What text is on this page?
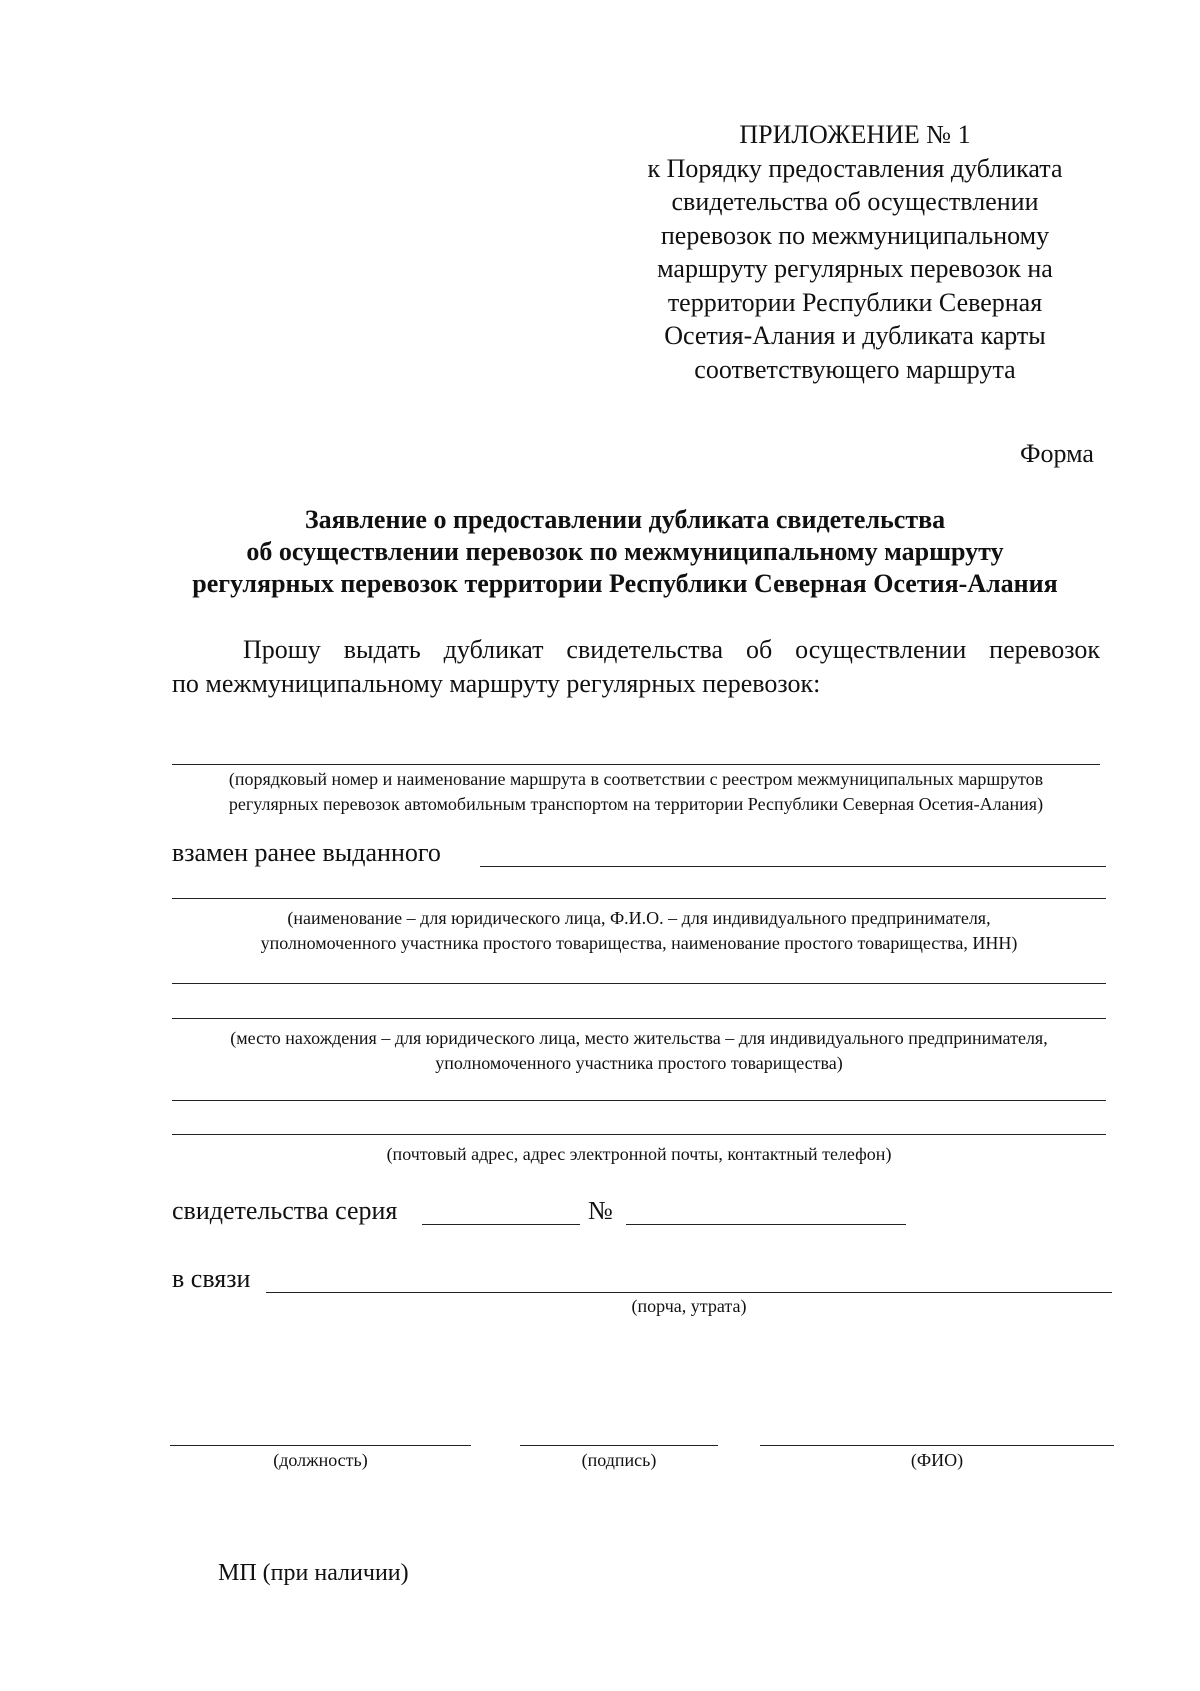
ПРИЛОЖЕНИЕ № 1
к Порядку предоставления дубликата
свидетельства об осуществлении
перевозок по межмуниципальному
маршруту регулярных перевозок на
территории Республики Северная
Осетия-Алания и дубликата карты
соответствующего маршрута
Форма
Заявление о предоставлении дубликата свидетельства
об осуществлении перевозок по межмуниципальному маршруту
регулярных перевозок территории Республики Северная Осетия-Алания
Прошу выдать дубликат свидетельства об осуществлении перевозок
по межмуниципальному маршруту регулярных перевозок:
(порядковый номер и наименование маршрута в соответствии с реестром межмуниципальных маршрутов
регулярных перевозок автомобильным транспортом на территории Республики Северная Осетия-Алания)
взамен ранее выданного
(наименование – для юридического лица, Ф.И.О. – для индивидуального предпринимателя,
уполномоченного участника простого товарищества, наименование простого товарищества, ИНН)
(место нахождения – для юридического лица, место жительства – для индивидуального предпринимателя,
уполномоченного участника простого товарищества)
(почтовый адрес, адрес электронной почты, контактный телефон)
свидетельства серия	№
в связи
(порча, утрата)
(должность)	(подпись)	(ФИО)
МП (при наличии)
